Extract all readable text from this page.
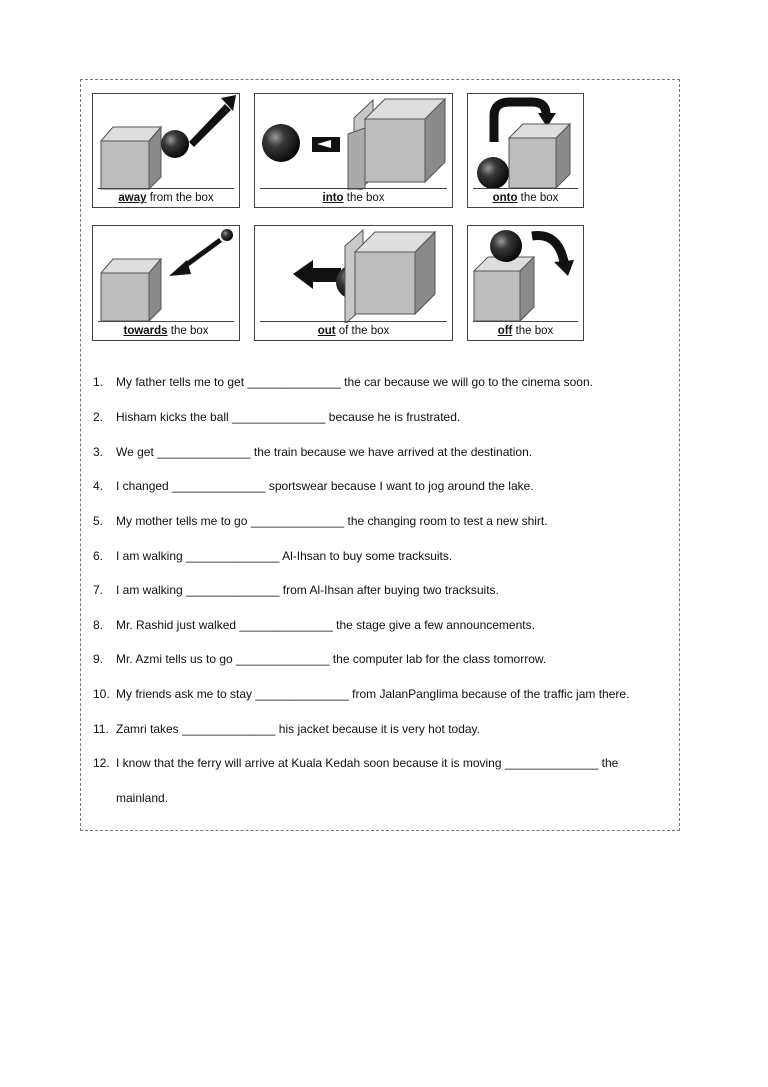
away from the box	into the box	onto the box
towards the box	out of the box	off the box
1.	My father tells me to get ______________ the car because we will go to the cinema soon.
2.	Hisham kicks the ball ______________ because he is frustrated.
3.	We get ______________ the train because we have arrived at the destination.
4.	I changed ______________ sportswear because I want to jog around the lake.
5.	My mother tells me to go ______________ the changing room to test a new shirt.
6.	I am walking ______________ Al-Ihsan to buy some tracksuits.
7.	I am walking ______________ from Al-Ihsan after buying two tracksuits.
8.	Mr. Rashid just walked ______________ the stage give a few announcements.
9.	Mr. Azmi tells us to go ______________ the computer lab for the class tomorrow.
10. My friends ask me to stay ______________ from JalanPanglima because of the traffic jam there.
11. Zamri takes ______________ his jacket because it is very hot today.
12. I know that the ferry will arrive at Kuala Kedah soon because it is moving ______________ the
mainland.
